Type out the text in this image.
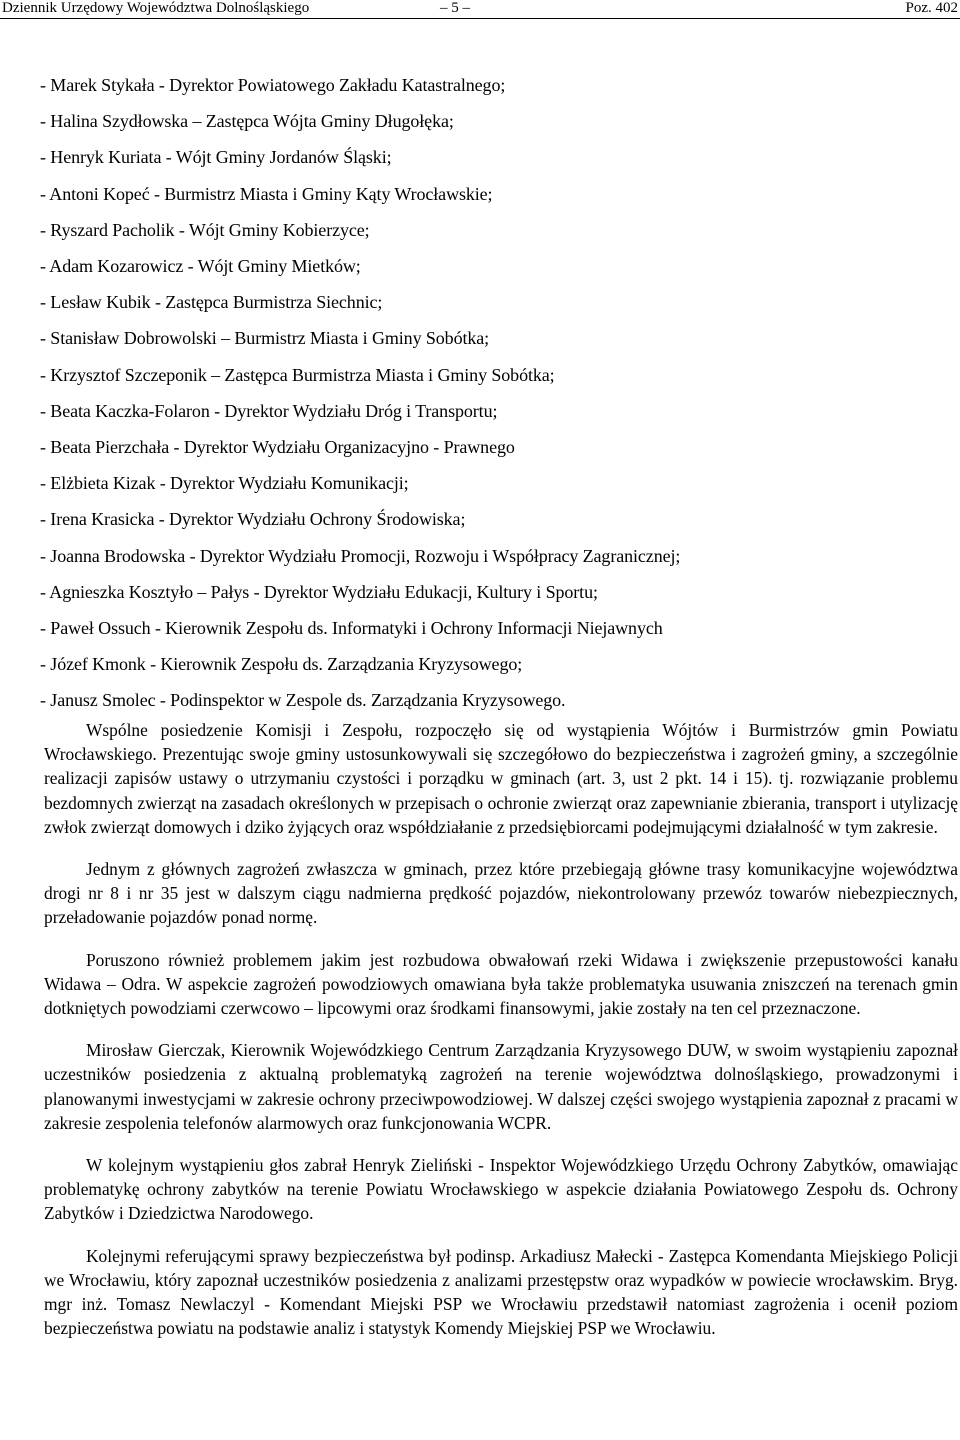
Dziennik Urzędowy Województwa Dolnośląskiego	– 5 –	Poz. 402
- Marek Stykała - Dyrektor Powiatowego Zakładu Katastralnego;
- Halina Szydłowska – Zastępca Wójta Gminy Długołęka;
- Henryk Kuriata - Wójt Gminy Jordanów Śląski;
- Antoni Kopeć - Burmistrz Miasta i Gminy Kąty Wrocławskie;
- Ryszard Pacholik - Wójt Gminy Kobierzyce;
- Adam Kozarowicz - Wójt Gminy Mietków;
- Lesław Kubik - Zastępca Burmistrza Siechnic;
- Stanisław Dobrowolski – Burmistrz Miasta i Gminy Sobótka;
- Krzysztof Szczeponik – Zastępca Burmistrza Miasta i Gminy Sobótka;
- Beata Kaczka-Folaron - Dyrektor Wydziału Dróg i Transportu;
- Beata Pierzchała - Dyrektor Wydziału Organizacyjno - Prawnego
- Elżbieta Kizak - Dyrektor Wydziału Komunikacji;
- Irena Krasicka - Dyrektor Wydziału Ochrony Środowiska;
- Joanna Brodowska - Dyrektor Wydziału Promocji, Rozwoju i Współpracy Zagranicznej;
- Agnieszka Kosztyło – Pałys - Dyrektor Wydziału Edukacji, Kultury i Sportu;
- Paweł Ossuch - Kierownik Zespołu ds. Informatyki i Ochrony Informacji Niejawnych
- Józef Kmonk - Kierownik Zespołu ds. Zarządzania Kryzysowego;
- Janusz Smolec - Podinspektor w Zespole ds. Zarządzania Kryzysowego.

Wspólne posiedzenie Komisji i Zespołu, rozpoczęło się od wystąpienia Wójtów i Burmistrzów gmin Powiatu Wrocławskiego. Prezentując swoje gminy ustosunkowywali się szczegółowo do bezpieczeństwa i zagrożeń gminy, a szczególnie realizacji zapisów ustawy o utrzymaniu czystości i porządku w gminach (art. 3, ust 2 pkt. 14 i 15). tj. rozwiązanie problemu bezdomnych zwierząt na zasadach określonych w przepisach o ochronie zwierząt oraz zapewnianie zbierania, transport i utylizację zwłok zwierząt domowych i dziko żyjących oraz współdziałanie z przedsiębiorcami podejmującymi działalność w tym zakresie.

Jednym z głównych zagrożeń zwłaszcza w gminach, przez które przebiegają główne trasy komunikacyjne województwa drogi nr 8 i nr 35 jest w dalszym ciągu nadmierna prędkość pojazdów, niekontrolowany przewóz towarów niebezpiecznych, przeładowanie pojazdów ponad normę.

Poruszono również problemem jakim jest rozbudowa obwałowań rzeki Widawa i zwiększenie przepustowości kanału Widawa – Odra. W aspekcie zagrożeń powodziowych omawiana była także problematyka usuwania zniszczeń na terenach gmin dotkniętych powodziami czerwcowo – lipcowymi oraz środkami finansowymi, jakie zostały na ten cel przeznaczone.

Mirosław Gierczak, Kierownik Wojewódzkiego Centrum Zarządzania Kryzysowego DUW, w swoim wystąpieniu zapoznał uczestników posiedzenia z aktualną problematyką zagrożeń na terenie województwa dolnośląskiego, prowadzonymi i planowanymi inwestycjami w zakresie ochrony przeciwpowodziowej. W dalszej części swojego wystąpienia zapoznał z pracami w zakresie zespolenia telefonów alarmowych oraz funkcjonowania WCPR.

W kolejnym wystąpieniu głos zabrał Henryk Zieliński - Inspektor Wojewódzkiego Urzędu Ochrony Zabytków, omawiając problematykę ochrony zabytków na terenie Powiatu Wrocławskiego w aspekcie działania Powiatowego Zespołu ds. Ochrony Zabytków i Dziedzictwa Narodowego.

Kolejnymi referującymi sprawy bezpieczeństwa był podinsp. Arkadiusz Małecki - Zastępca Komendanta Miejskiego Policji we Wrocławiu, który zapoznał uczestników posiedzenia z analizami przestępstw oraz wypadków w powiecie wrocławskim. Bryg. mgr inż. Tomasz Newlaczyl - Komendant Miejski PSP we Wrocławiu przedstawił natomiast zagrożenia i ocenił poziom bezpieczeństwa powiatu na podstawie analiz i statystyk Komendy Miejskiej PSP we Wrocławiu.
